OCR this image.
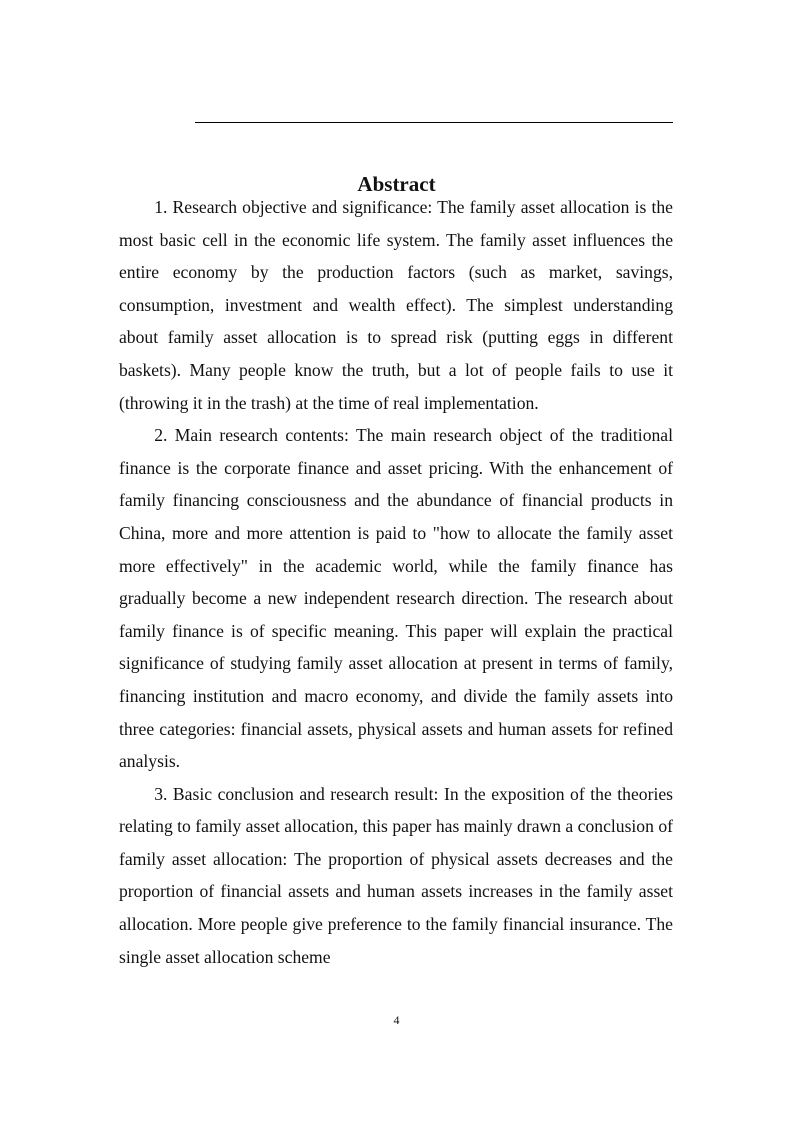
Abstract

1. Research objective and significance: The family asset allocation is the most basic cell in the economic life system. The family asset influences the entire economy by the production factors (such as market, savings, consumption, investment and wealth effect). The simplest understanding about family asset allocation is to spread risk (putting eggs in different baskets). Many people know the truth, but a lot of people fails to use it (throwing it in the trash) at the time of real implementation.

2. Main research contents: The main research object of the traditional finance is the corporate finance and asset pricing. With the enhancement of family financing consciousness and the abundance of financial products in China, more and more attention is paid to "how to allocate the family asset more effectively" in the academic world, while the family finance has gradually become a new independent research direction. The research about family finance is of specific meaning. This paper will explain the practical significance of studying family asset allocation at present in terms of family, financing institution and macro economy, and divide the family assets into three categories: financial assets, physical assets and human assets for refined analysis.

3. Basic conclusion and research result: In the exposition of the theories relating to family asset allocation, this paper has mainly drawn a conclusion of family asset allocation: The proportion of physical assets decreases and the proportion of financial assets and human assets increases in the family asset allocation. More people give preference to the family financial insurance. The single asset allocation scheme

4
